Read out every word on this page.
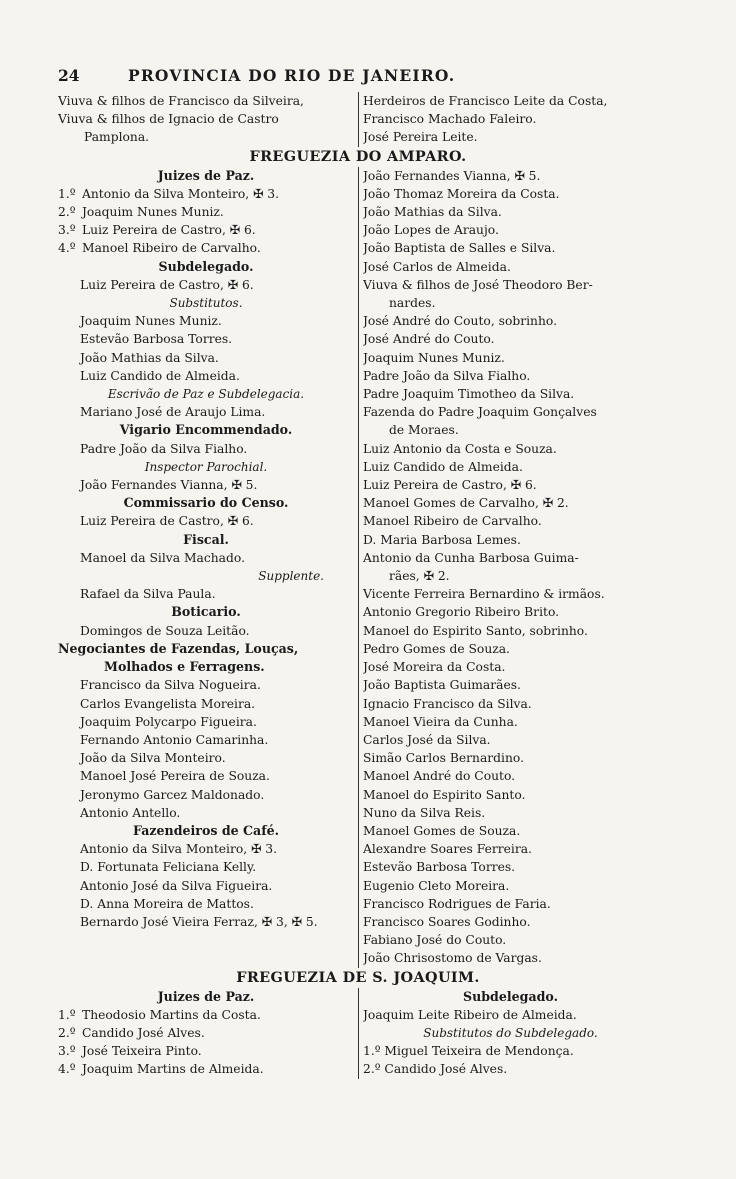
24	PROVINCIA DO RIO DE JANEIRO.
Viuva & filhos de Francisco da Silveira,
Viuva & filhos de Ignacio de Castro
Pamplona.
Herdeiros de Francisco Leite da Costa,
Francisco Machado Faleiro.
José Pereira Leite.
FREGUEZIA DO AMPARO.
Juizes de Paz.
1.º Antonio da Silva Monteiro, ✠ 3.
2.º Joaquim Nunes Muniz.
3.º Luiz Pereira de Castro, ✠ 6.
4.º Manoel Ribeiro de Carvalho.
Subdelegado.
Luiz Pereira de Castro, ✠ 6.
Substitutos.
Joaquim Nunes Muniz.
Estevão Barbosa Torres.
João Mathias da Silva.
Luiz Candido de Almeida.
Escrivão de Paz e Subdelegacia.
Mariano José de Araujo Lima.
Vigario Encommendado.
Padre João da Silva Fialho.
Inspector Parochial.
João Fernandes Vianna, ✠ 5.
Commissario do Censo.
Luiz Pereira de Castro, ✠ 6.
Fiscal.
Manoel da Silva Machado.
Supplente.
Rafael da Silva Paula.
Boticario.
Domingos de Souza Leitão.
Negociantes de Fazendas, Louças,
Molhados e Ferragens.
Francisco da Silva Nogueira.
Carlos Evangelista Moreira.
Joaquim Polycarpo Figueira.
Fernando Antonio Camarinha.
João da Silva Monteiro.
Manoel José Pereira de Souza.
Jeronymo Garcez Maldonado.
Antonio Antello.
Fazendeiros de Café.
Antonio da Silva Monteiro, ✠ 3.
D. Fortunata Feliciana Kelly.
Antonio José da Silva Figueira.
D. Anna Moreira de Mattos.
Bernardo José Vieira Ferraz, ✠ 3, ✠ 5.
João Fernandes Vianna, ✠ 5.
João Thomaz Moreira da Costa.
João Mathias da Silva.
João Lopes de Araujo.
João Baptista de Salles e Silva.
José Carlos de Almeida.
Viuva & filhos de José Theodoro Ber-
nardes.
José André do Couto, sobrinho.
José André do Couto.
Joaquim Nunes Muniz.
Padre João da Silva Fialho.
Padre Joaquim Timotheo da Silva.
Fazenda do Padre Joaquim Gonçalves
de Moraes.
Luiz Antonio da Costa e Souza.
Luiz Candido de Almeida.
Luiz Pereira de Castro, ✠ 6.
Manoel Gomes de Carvalho, ✠ 2.
Manoel Ribeiro de Carvalho.
D. Maria Barbosa Lemes.
Antonio da Cunha Barbosa Guima-
rães, ✠ 2.
Vicente Ferreira Bernardino & irmãos.
Antonio Gregorio Ribeiro Brito.
Manoel do Espirito Santo, sobrinho.
Pedro Gomes de Souza.
José Moreira da Costa.
João Baptista Guimarães.
Ignacio Francisco da Silva.
Manoel Vieira da Cunha.
Carlos José da Silva.
Simão Carlos Bernardino.
Manoel André do Couto.
Manoel do Espirito Santo.
Nuno da Silva Reis.
Manoel Gomes de Souza.
Alexandre Soares Ferreira.
Estevão Barbosa Torres.
Eugenio Cleto Moreira.
Francisco Rodrigues de Faria.
Francisco Soares Godinho.
Fabiano José do Couto.
João Chrisostomo de Vargas.
FREGUEZIA DE S. JOAQUIM.
Juizes de Paz.
1.º Theodosio Martins da Costa.
2.º Candido José Alves.
3.º José Teixeira Pinto.
4.º Joaquim Martins de Almeida.
Subdelegado.
Joaquim Leite Ribeiro de Almeida.
Substitutos do Subdelegado.
1.º Miguel Teixeira de Mendonça.
2.º Candido José Alves.
